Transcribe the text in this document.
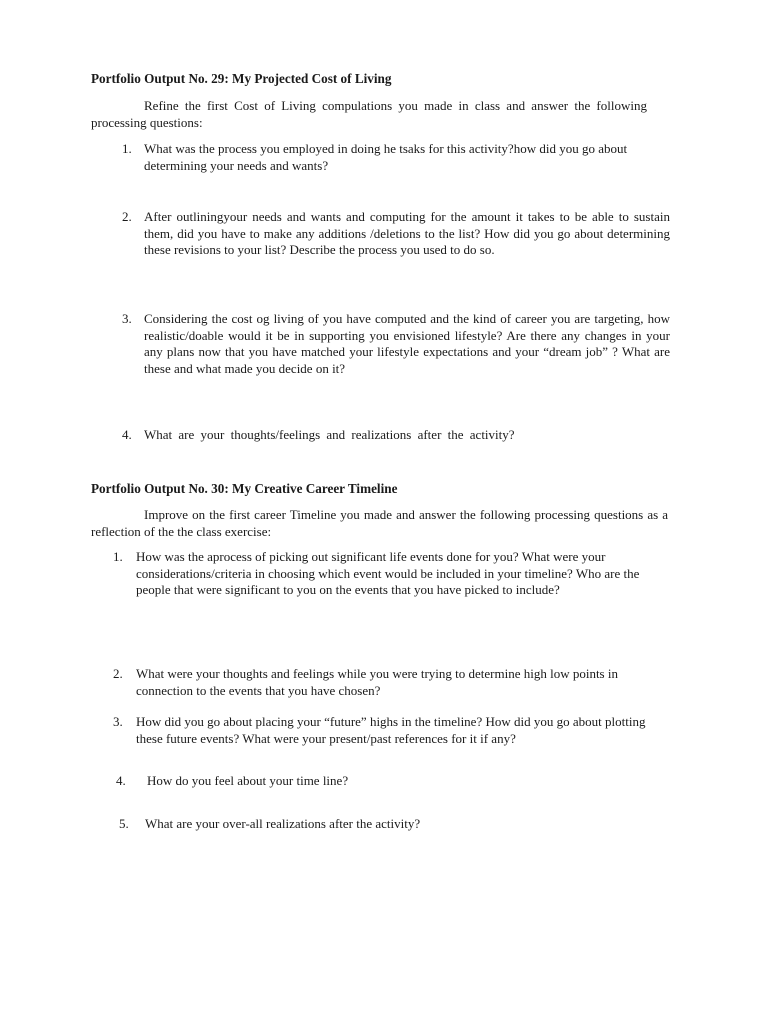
Portfolio Output No. 29: My Projected Cost of Living

Refine the first Cost of Living compulations you made in class and answer the following processing questions:

1. What was the process you employed in doing he tsaks for this activity?how did you go about determining your needs and wants?
2. After outliningyour needs and wants and computing for the amount it takes to be able to sustain them, did you have to make any additions /deletions to the list? How did you go about determining these revisions to your list? Describe the process you used to do so.
3. Considering the cost og living of you have computed and the kind of career you are targeting, how realistic/doable would it be in supporting you envisioned lifestyle? Are there any changes in your any plans now that you have matched your lifestyle expectations and your “dream job” ? What are these and what made you decide on it?
4. What are your thoughts/feelings and realizations after the activity?
Portfolio Output No. 30: My Creative Career Timeline

Improve on the first career Timeline you made and answer the following processing questions as a reflection of the the class exercise:

1. How was the aprocess of picking out significant life events done for you? What were your considerations/criteria in choosing which event would be included in your timeline? Who are the people that were significant to you on the events that you have picked to include?
2. What were your thoughts and feelings while you were trying to determine high low points in connection to the events that you have chosen?
3. How did you go about placing your “future” highs in the timeline? How did you go about plotting these future events? What were your present/past references for it if any?
4. How do you feel about your time line?
5. What are your over-all realizations after the activity?
